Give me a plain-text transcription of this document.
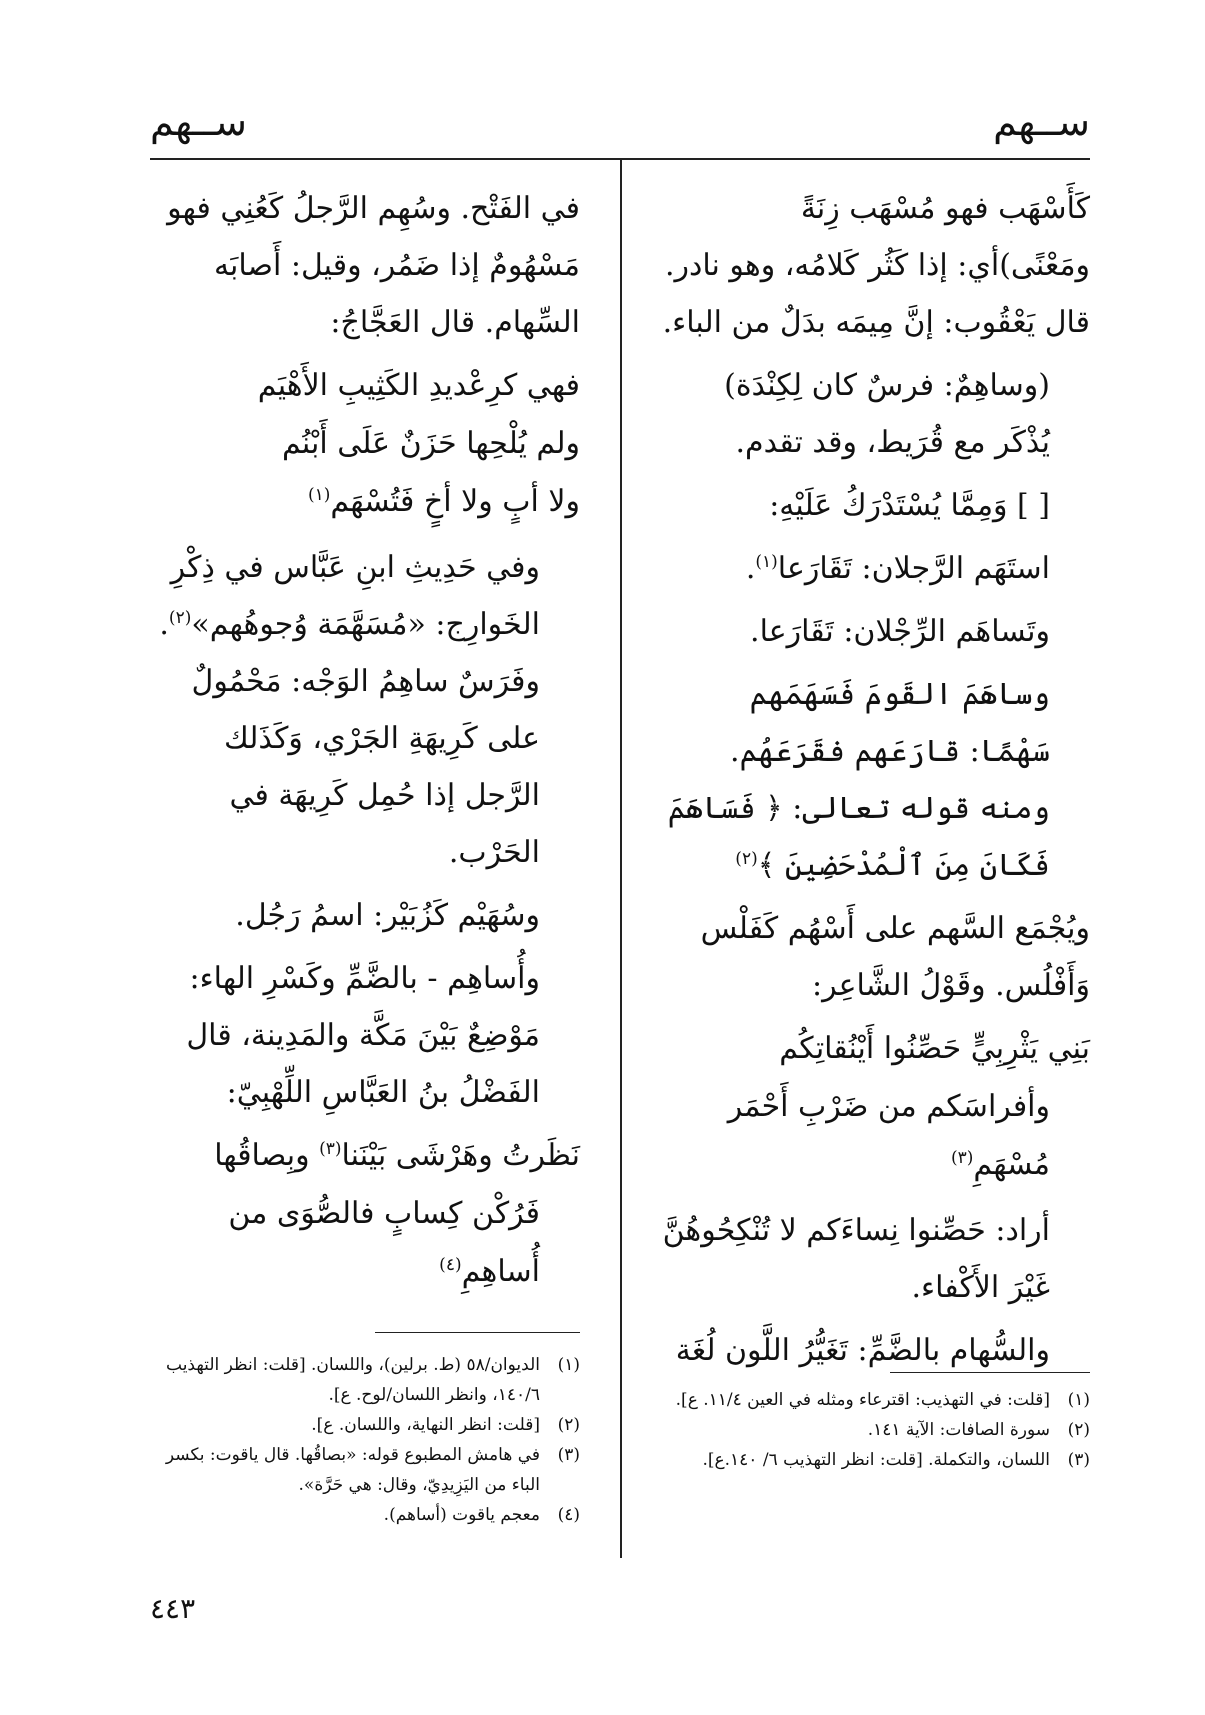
ســهم
ســهم

كَأَسْهَب فهو مُسْهَب زِنَةً ومَعْنًى)أي: إذا كَثُر كَلامُه، وهو نادر. قال يَعْقُوب: إنَّ مِيمَه بدَلٌ من الباء.

(وساهِمٌ: فرسٌ كان لِكِنْدَة) يُذْكَر مع قُرَيط، وقد تقدم.

[ ] وَمِمَّا يُسْتَدْرَكُ عَلَيْهِ:

استَهَم الرَّجلان: تَقَارَعا$^{(١)}$.

وتَساهَم الرِّجْلان: تَقَارَعا.

وساهَمَ القَومَ فَسَهَمَهم سَهْمًا: قارَعَهم فقَرَعَهُم. ومنه قوله تعالى: ﴿ فَسَاهَمَ فَكَانَ مِنَ ٱلْمُدْحَضِينَ ﴾$^{(٢)}$

ويُجْمَع السَّهم على أَسْهُم كَفَلْس وَأَفْلُس. وقَوْلُ الشَّاعِر:

بَنِي يَثْرِبِيٍّ حَصِّنُوا أَيْنُقاتِكُم
وأفراسَكم من ضَرْبِ أَحْمَر مُسْهَمِ$^{(٣)}$

أراد: حَصِّنوا نِساءَكم لا تُنْكِحُوهُنَّ غَيْرَ الأَكْفاء.

والسُّهام بالضَّمِّ: تَغَيُّرُ اللَّون لُغَة

في الفَتْح. وسُهِم الرَّجلُ كَعُنِي فهو مَسْهُومٌ إذا ضَمُر، وقيل: أَصابَه السِّهام. قال العَجَّاجُ:

فهي كرِعْديدِ الكَثِيبِ الأَهْيَم
ولم يُلْحِها حَزَنٌ عَلَى أَبْنُم
ولا أبٍ ولا أخٍ فَتُسْهَم$^{(١)}$

وفي حَدِيثِ ابنِ عَبَّاس في ذِكْرِ الخَوارِج: «مُسَهَّمَة وُجوهُهم»$^{(٢)}$. وفَرَسٌ ساهِمُ الوَجْه: مَحْمُولٌ على كَرِيهَةِ الجَرْي، وَكَذَلك الرَّجل إذا حُمِل كَرِيهَة في الحَرْب.

وسُهَيْم كَزُبَيْر: اسمُ رَجُل.

وأُساهِم - بالضَّمِّ وكَسْرِ الهاء: مَوْضِعٌ بَيْنَ مَكَّة والمَدِينة، قال الفَضْلُ بنُ العَبَّاسِ اللِّهْبِيّ:

نَظَرتُ وهَرْشَى بَيْنَنا$^{(٣)}$ وبِصاقُها
فَرُكْن كِسابٍ فالصُّوَى من أُساهِمِ$^{(٤)}$
(١)
[قلت: في التهذيب: اقترعاء ومثله في العين ١١/٤. ع].
(٢)
سورة الصافات: الآية ١٤١.
(٣)
اللسان، والتكملة. [قلت: انظر التهذيب ٦/ ١٤٠.ع].
(١)
الديوان/٥٨ (ط. برلين)، واللسان. [قلت: انظر التهذيب ١٤٠/٦، وانظر اللسان/لوح. ع].
(٢)
[قلت: انظر النهاية، واللسان. ع].
(٣)
في هامش المطبوع قوله: «بصاقُها. قال ياقوت: بكسر الباء من اليَزِيدِيّ، وقال: هي حَرَّة».
(٤)
معجم ياقوت (أساهم).
٤٤٣
